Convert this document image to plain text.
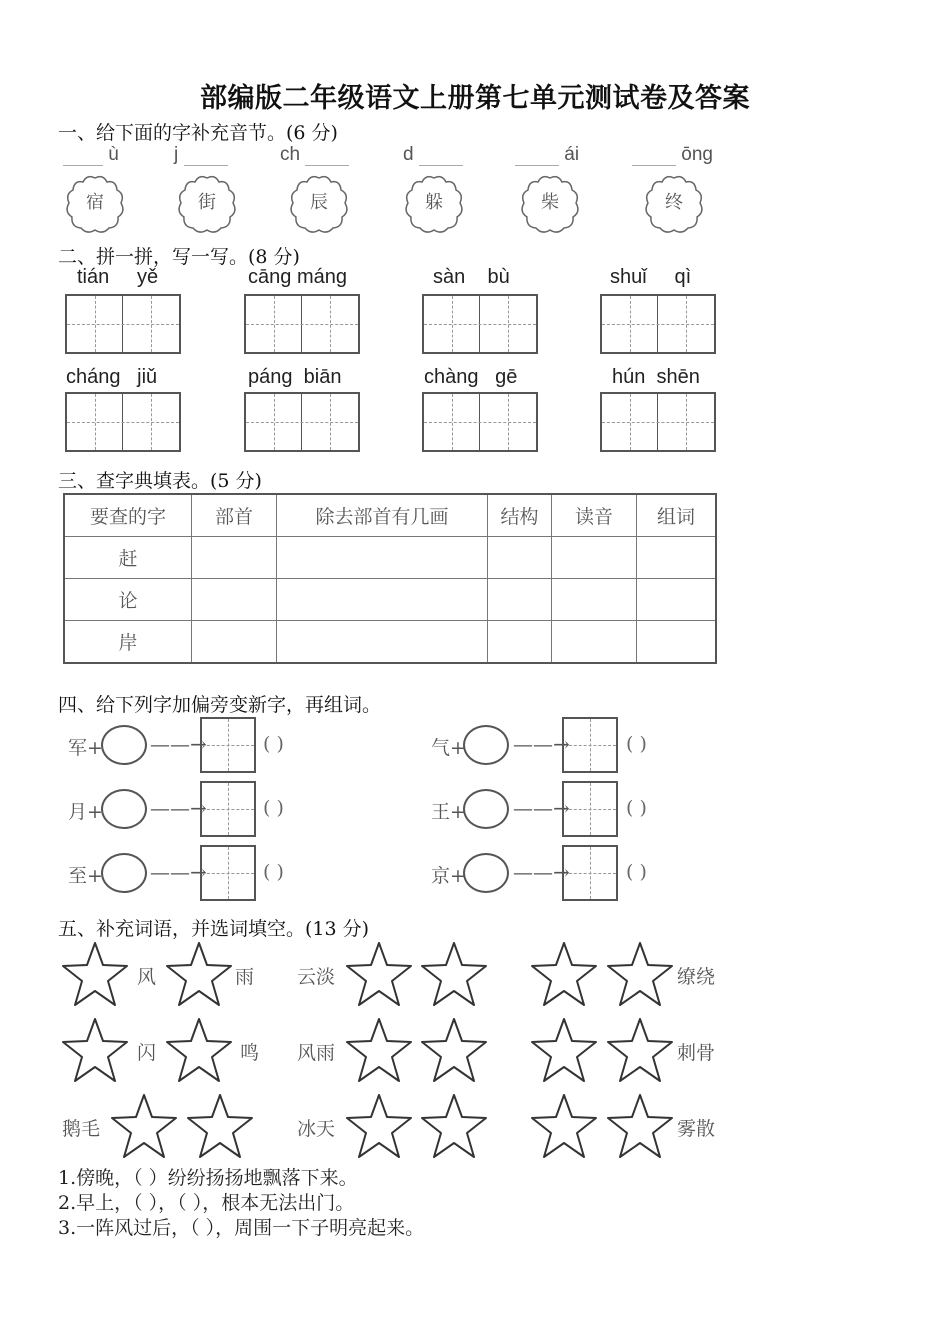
部编版二年级语文上册第七单元测试卷及答案
一、给下面的字补充音节。(6 分)
ù	j	ch	d	ái	ōng
宿	街	辰	躲	柴	终
二、拼一拼，写一写。(8 分)
tián yě	cāng máng	sàn bù	shuǐ qì
cháng jiǔ	páng biān	chàng gē	hún shēn
三、查字典填表。(5 分)
要查的字	部首	除去部首有几画	结构	读音	组词
赶					
论					
岸					
四、给下列字加偏旁变新字，再组词。
军+ ——→	( )
月+ ——→	( )
至+ ——→	( )
气+ ——→	( )
王+ ——→	( )
京+ ——→	( )
五、补充词语，并选词填空。(13 分)
风	雨 云淡	缭绕
闪	鸣 风雨	刺骨
鹅毛	冰天	雾散
1.傍晚，（ ）纷纷扬扬地飘落下来。
2.早上，（ ），（ ），根本无法出门。
3.一阵风过后，（ ），周围一下子明亮起来。
